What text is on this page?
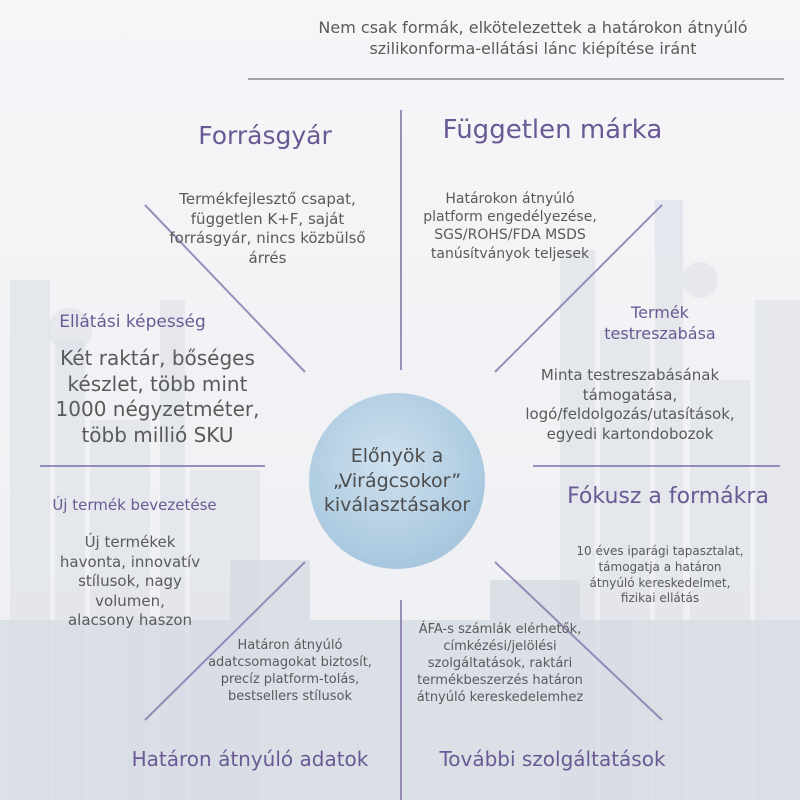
Nem csak formák, elkötelezettek a határokon átnyúló
szilikonforma-ellátási lánc kiépítése iránt
Forrásgyár
Termékfejlesztő csapat,
független K+F, saját
forrásgyár, nincs közbülső
árrés
Független márka
Határokon átnyúló
platform engedélyezése,
SGS/ROHS/FDA MSDS
tanúsítványok teljesek
Ellátási képesség
Két raktár, bőséges
készlet, több mint
1000 négyzetméter,
több millió SKU
Termék
testreszabása
Minta testreszabásának
támogatása,
logó/feldolgozás/utasítások,
egyedi kartondobozok
Előnyök a
„Virágcsokor”
kiválasztásakor
Új termék bevezetése
Új termékek
havonta, innovatív
stílusok, nagy
volumen,
alacsony haszon
Fókusz a formákra
10 éves iparági tapasztalat,
támogatja a határon
átnyúló kereskedelmet,
fizikai ellátás
Határon átnyúló
adatcsomagokat biztosít,
precíz platform-tolás,
bestsellers stílusok
Határon átnyúló adatok
ÁFA-s számlák elérhetők,
címkézési/jelölési
szolgáltatások, raktári
termékbeszerzés határon
átnyúló kereskedelemhez
További szolgáltatások
